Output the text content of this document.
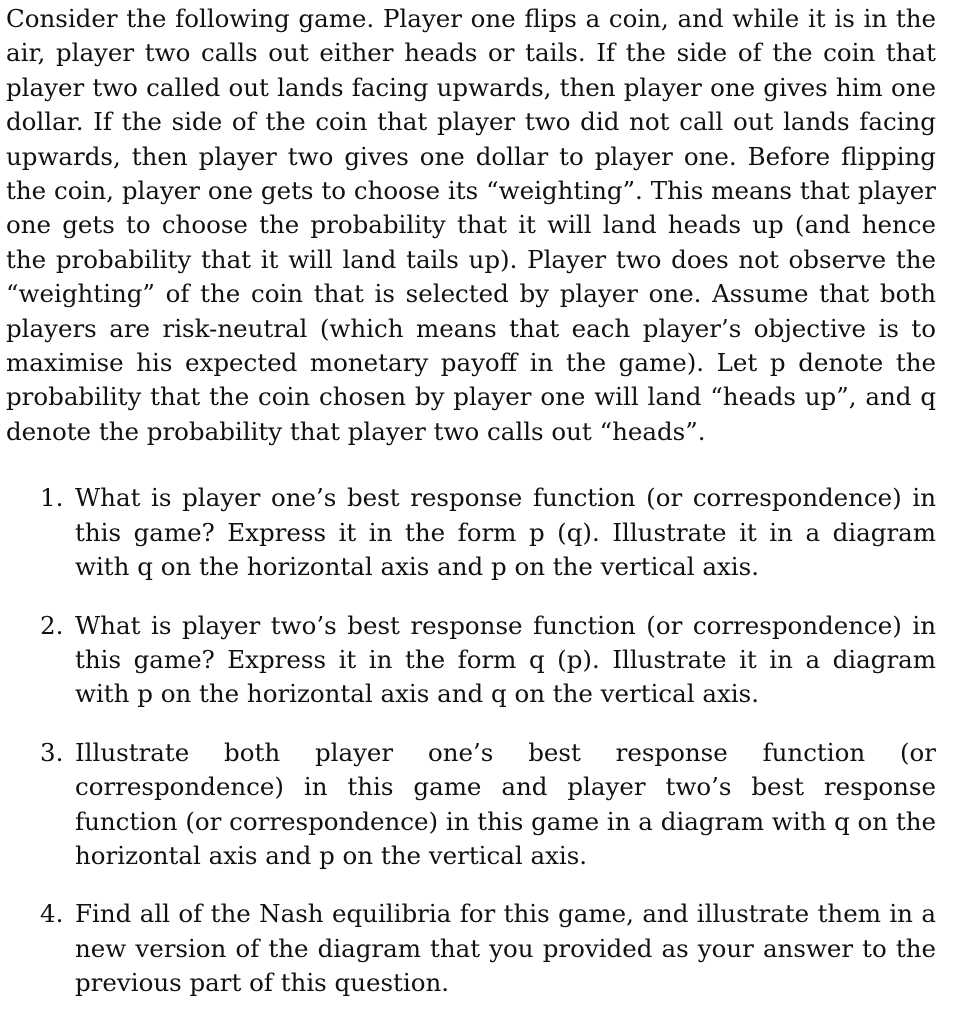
Consider the following game. Player one flips a coin, and while it is in the air, player two calls out either heads or tails. If the side of the coin that player two called out lands facing upwards, then player one gives him one dollar. If the side of the coin that player two did not call out lands facing upwards, then player two gives one dollar to player one. Before flipping the coin, player one gets to choose its “weighting”. This means that player one gets to choose the probability that it will land heads up (and hence the probability that it will land tails up). Player two does not observe the “weighting” of the coin that is selected by player one. Assume that both players are risk-neutral (which means that each player’s objective is to maximise his expected monetary payoff in the game). Let p denote the probability that the coin chosen by player one will land “heads up”, and q denote the probability that player two calls out “heads”.

1. What is player one’s best response function (or correspondence) in this game? Express it in the form p (q). Illustrate it in a diagram with q on the horizontal axis and p on the vertical axis.
2. What is player two’s best response function (or correspondence) in this game? Express it in the form q (p). Illustrate it in a diagram with p on the horizontal axis and q on the vertical axis.
3. Illustrate both player one’s best response function (or correspondence) in this game and player two’s best response function (or correspondence) in this game in a diagram with q on the horizontal axis and p on the vertical axis.
4. Find all of the Nash equilibria for this game, and illustrate them in a new version of the diagram that you provided as your answer to the previous part of this question.
